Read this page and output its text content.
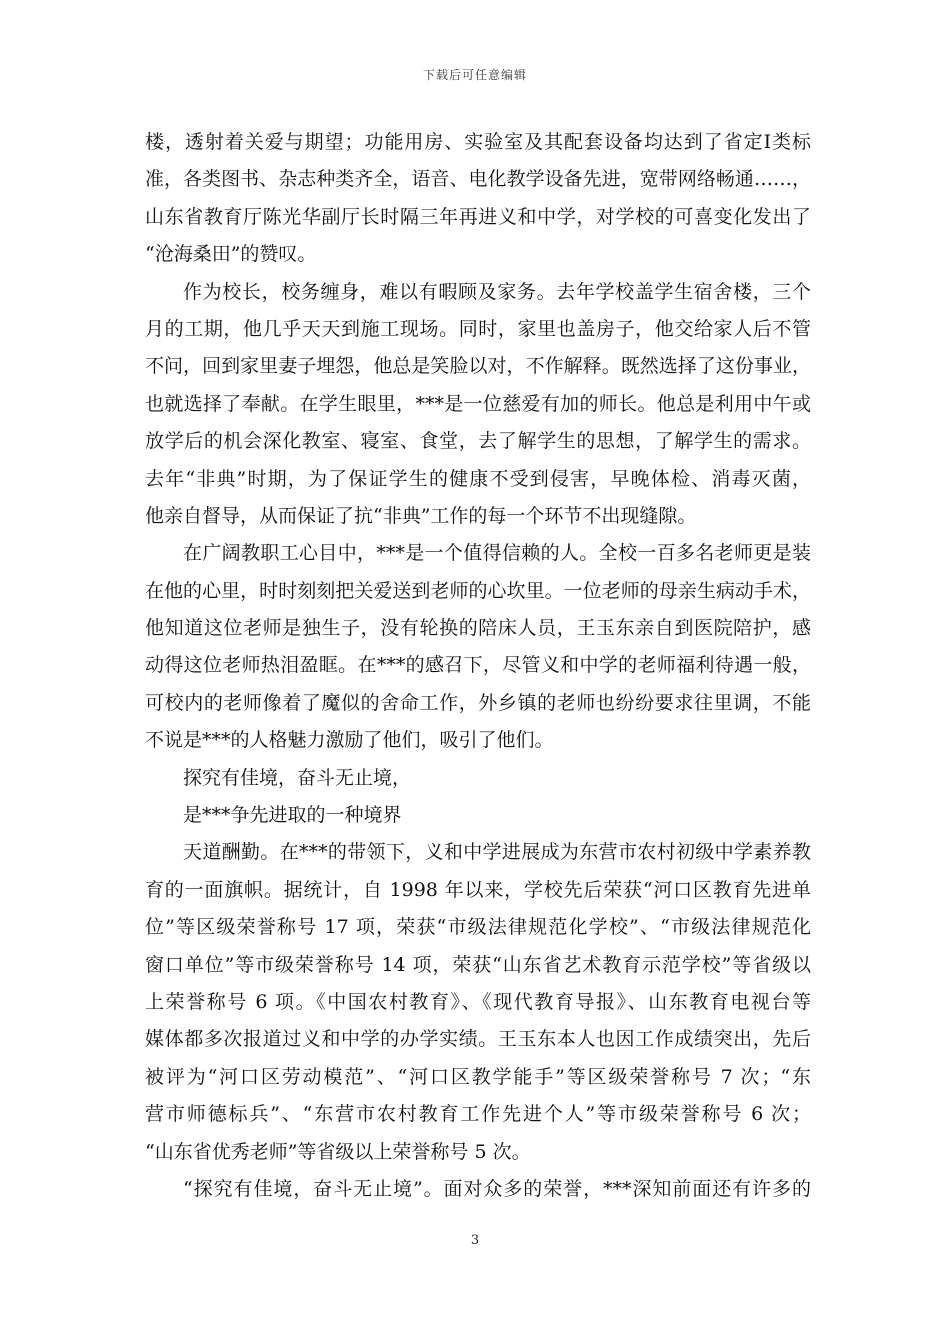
下载后可任意编辑
楼，透射着关爱与期望；功能用房、实验室及其配套设备均达到了省定Ⅰ类标
准，各类图书、杂志种类齐全，语音、电化教学设备先进，宽带网络畅通……，
山东省教育厅陈光华副厅长时隔三年再进义和中学，对学校的可喜变化发出了
“沧海桑田”的赞叹。
作为校长，校务缠身，难以有暇顾及家务。去年学校盖学生宿舍楼，三个
月的工期，他几乎天天到施工现场。同时，家里也盖房子，他交给家人后不管
不问，回到家里妻子埋怨，他总是笑脸以对，不作解释。既然选择了这份事业，
也就选择了奉献。在学生眼里，***是一位慈爱有加的师长。他总是利用中午或
放学后的机会深化教室、寝室、食堂，去了解学生的思想，了解学生的需求。
去年“非典”时期，为了保证学生的健康不受到侵害，早晚体检、消毒灭菌，
他亲自督导，从而保证了抗“非典”工作的每一个环节不出现缝隙。
在广阔教职工心目中，***是一个值得信赖的人。全校一百多名老师更是装
在他的心里，时时刻刻把关爱送到老师的心坎里。一位老师的母亲生病动手术，
他知道这位老师是独生子，没有轮换的陪床人员，王玉东亲自到医院陪护，感
动得这位老师热泪盈眶。在***的感召下，尽管义和中学的老师福利待遇一般，
可校内的老师像着了魔似的舍命工作，外乡镇的老师也纷纷要求往里调，不能
不说是***的人格魅力激励了他们，吸引了他们。
探究有佳境，奋斗无止境，
是***争先进取的一种境界
天道酬勤。在***的带领下，义和中学进展成为东营市农村初级中学素养教
育的一面旗帜。据统计，自 1998 年以来，学校先后荣获“河口区教育先进单
位”等区级荣誉称号 17 项，荣获“市级法律规范化学校”、“市级法律规范化
窗口单位”等市级荣誉称号 14 项，荣获“山东省艺术教育示范学校”等省级以
上荣誉称号 6 项。《中国农村教育》、《现代教育导报》、山东教育电视台等
媒体都多次报道过义和中学的办学实绩。王玉东本人也因工作成绩突出，先后
被评为“河口区劳动模范”、“河口区教学能手”等区级荣誉称号 7 次；“东
营市师德标兵”、“东营市农村教育工作先进个人”等市级荣誉称号 6 次；
“山东省优秀老师”等省级以上荣誉称号 5 次。
“探究有佳境，奋斗无止境”。面对众多的荣誉，***深知前面还有许多的
3
